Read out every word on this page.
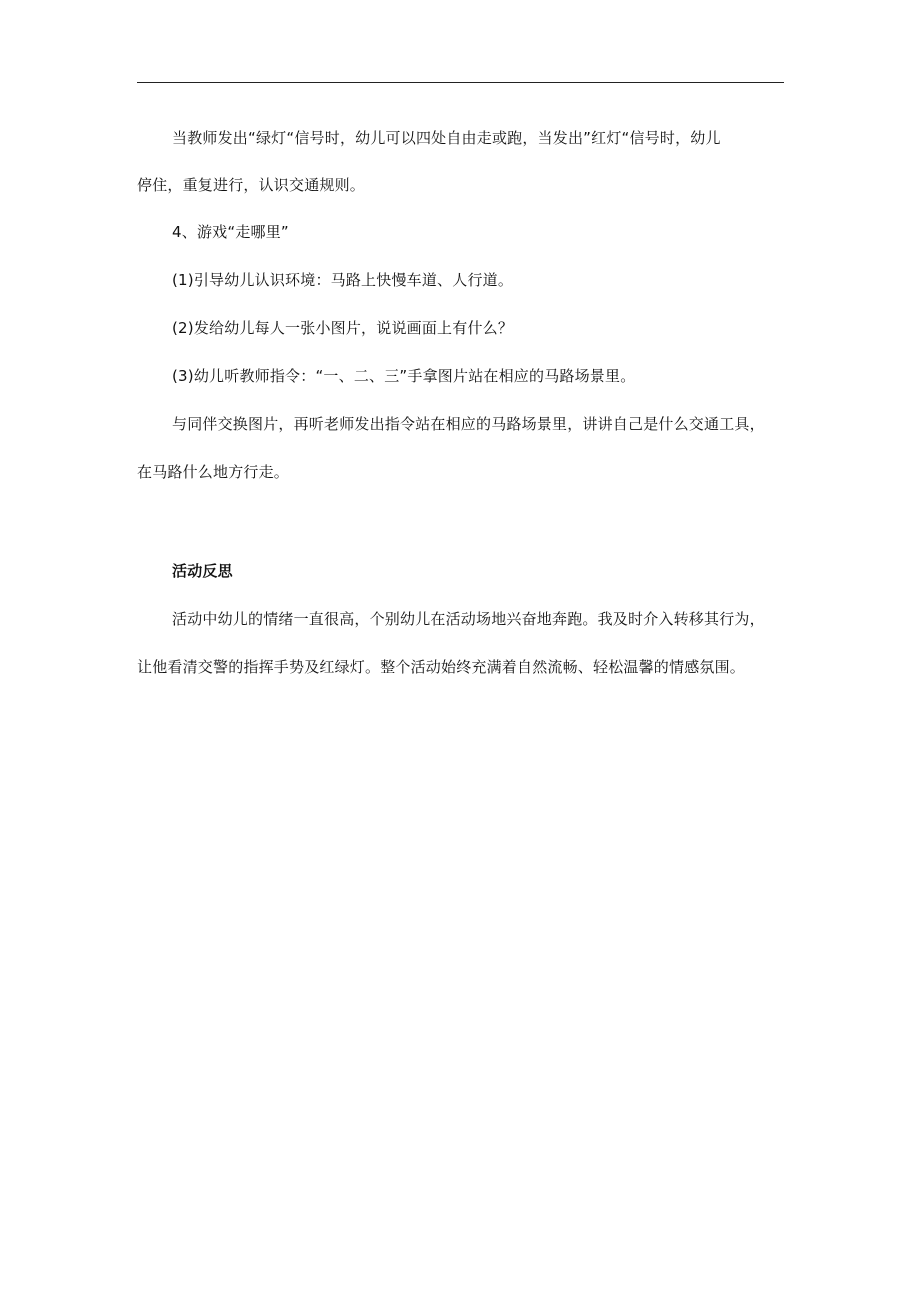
当教师发出“绿灯“信号时，幼儿可以四处自由走或跑，当发出”红灯“信号时，幼儿
停住，重复进行，认识交通规则。
4、游戏“走哪里”
(1)引导幼儿认识环境：马路上快慢车道、人行道。
(2)发给幼儿每人一张小图片，说说画面上有什么？
(3)幼儿听教师指令：“一、二、三”手拿图片站在相应的马路场景里。
与同伴交换图片，再听老师发出指令站在相应的马路场景里，讲讲自己是什么交通工具，
在马路什么地方行走。
活动反思
活动中幼儿的情绪一直很高，个别幼儿在活动场地兴奋地奔跑。我及时介入转移其行为，
让他看清交警的指挥手势及红绿灯。整个活动始终充满着自然流畅、轻松温馨的情感氛围。
